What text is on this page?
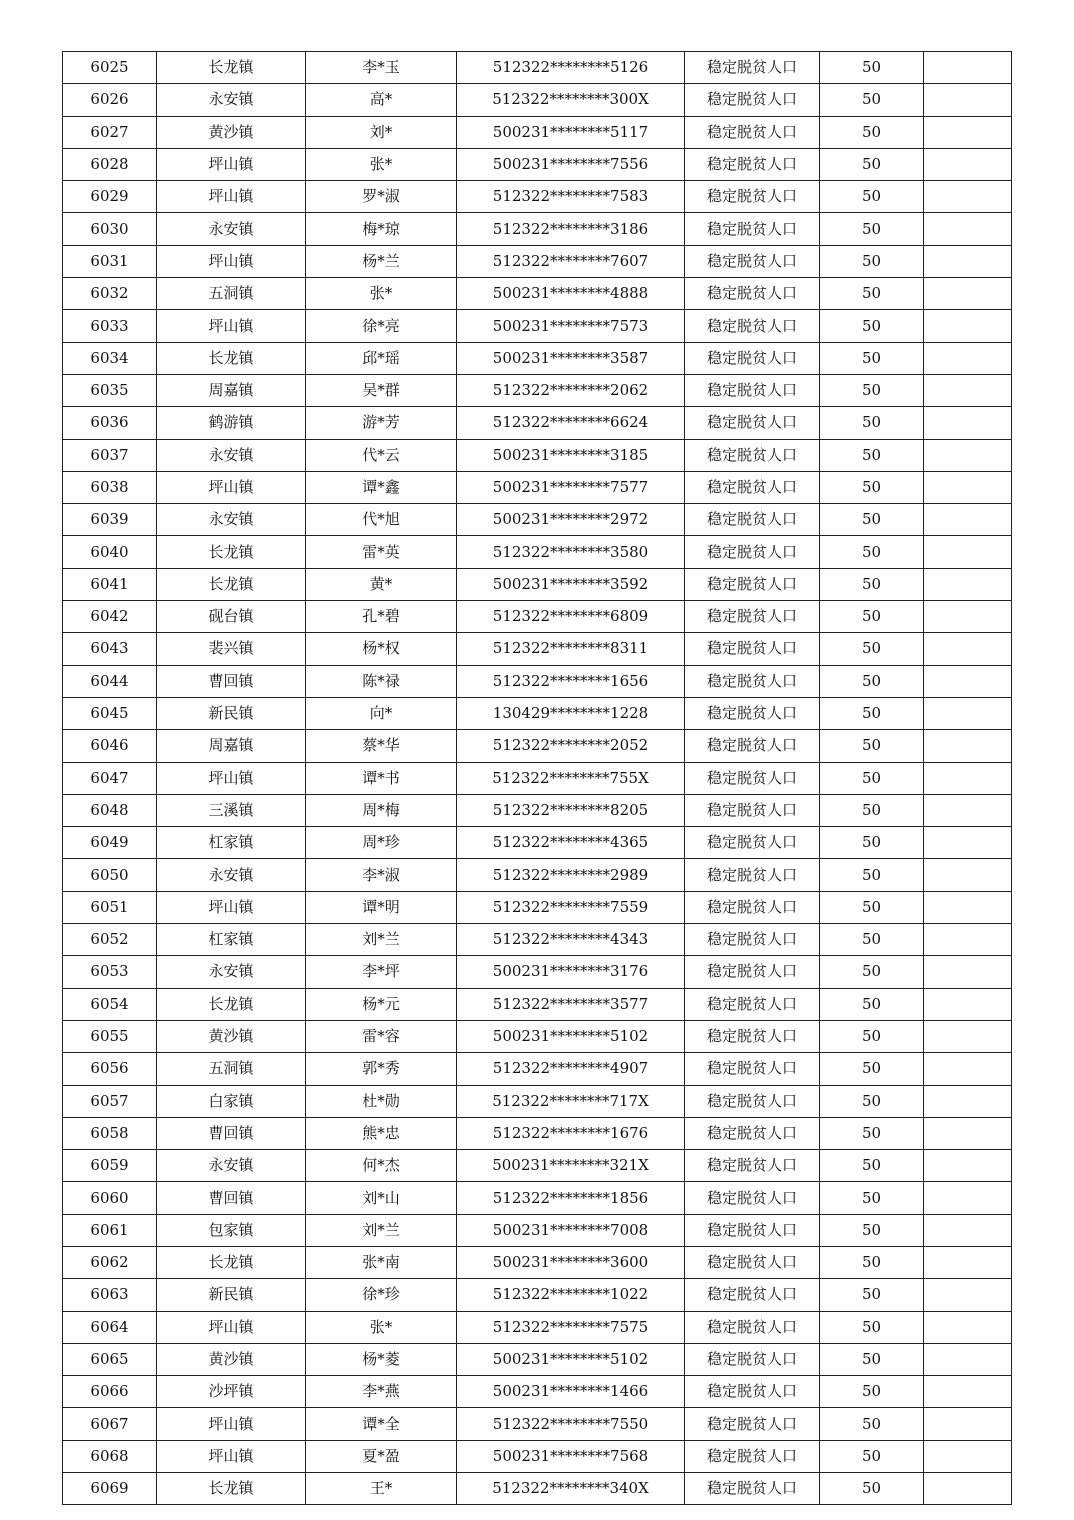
6025	长龙镇	李*玉	512322********5126	稳定脱贫人口	50	
6026	永安镇	高*	512322********300X	稳定脱贫人口	50	
6027	黄沙镇	刘*	500231********5117	稳定脱贫人口	50	
6028	坪山镇	张*	500231********7556	稳定脱贫人口	50	
6029	坪山镇	罗*淑	512322********7583	稳定脱贫人口	50	
6030	永安镇	梅*琼	512322********3186	稳定脱贫人口	50	
6031	坪山镇	杨*兰	512322********7607	稳定脱贫人口	50	
6032	五洞镇	张*	500231********4888	稳定脱贫人口	50	
6033	坪山镇	徐*亮	500231********7573	稳定脱贫人口	50	
6034	长龙镇	邱*瑶	500231********3587	稳定脱贫人口	50	
6035	周嘉镇	吴*群	512322********2062	稳定脱贫人口	50	
6036	鹤游镇	游*芳	512322********6624	稳定脱贫人口	50	
6037	永安镇	代*云	500231********3185	稳定脱贫人口	50	
6038	坪山镇	谭*鑫	500231********7577	稳定脱贫人口	50	
6039	永安镇	代*旭	500231********2972	稳定脱贫人口	50	
6040	长龙镇	雷*英	512322********3580	稳定脱贫人口	50	
6041	长龙镇	黄*	500231********3592	稳定脱贫人口	50	
6042	砚台镇	孔*碧	512322********6809	稳定脱贫人口	50	
6043	裴兴镇	杨*权	512322********8311	稳定脱贫人口	50	
6044	曹回镇	陈*禄	512322********1656	稳定脱贫人口	50	
6045	新民镇	向*	130429********1228	稳定脱贫人口	50	
6046	周嘉镇	蔡*华	512322********2052	稳定脱贫人口	50	
6047	坪山镇	谭*书	512322********755X	稳定脱贫人口	50	
6048	三溪镇	周*梅	512322********8205	稳定脱贫人口	50	
6049	杠家镇	周*珍	512322********4365	稳定脱贫人口	50	
6050	永安镇	李*淑	512322********2989	稳定脱贫人口	50	
6051	坪山镇	谭*明	512322********7559	稳定脱贫人口	50	
6052	杠家镇	刘*兰	512322********4343	稳定脱贫人口	50	
6053	永安镇	李*坪	500231********3176	稳定脱贫人口	50	
6054	长龙镇	杨*元	512322********3577	稳定脱贫人口	50	
6055	黄沙镇	雷*容	500231********5102	稳定脱贫人口	50	
6056	五洞镇	郭*秀	512322********4907	稳定脱贫人口	50	
6057	白家镇	杜*勋	512322********717X	稳定脱贫人口	50	
6058	曹回镇	熊*忠	512322********1676	稳定脱贫人口	50	
6059	永安镇	何*杰	500231********321X	稳定脱贫人口	50	
6060	曹回镇	刘*山	512322********1856	稳定脱贫人口	50	
6061	包家镇	刘*兰	500231********7008	稳定脱贫人口	50	
6062	长龙镇	张*南	500231********3600	稳定脱贫人口	50	
6063	新民镇	徐*珍	512322********1022	稳定脱贫人口	50	
6064	坪山镇	张*	512322********7575	稳定脱贫人口	50	
6065	黄沙镇	杨*菱	500231********5102	稳定脱贫人口	50	
6066	沙坪镇	李*燕	500231********1466	稳定脱贫人口	50	
6067	坪山镇	谭*全	512322********7550	稳定脱贫人口	50	
6068	坪山镇	夏*盈	500231********7568	稳定脱贫人口	50	
6069	长龙镇	王*	512322********340X	稳定脱贫人口	50	
